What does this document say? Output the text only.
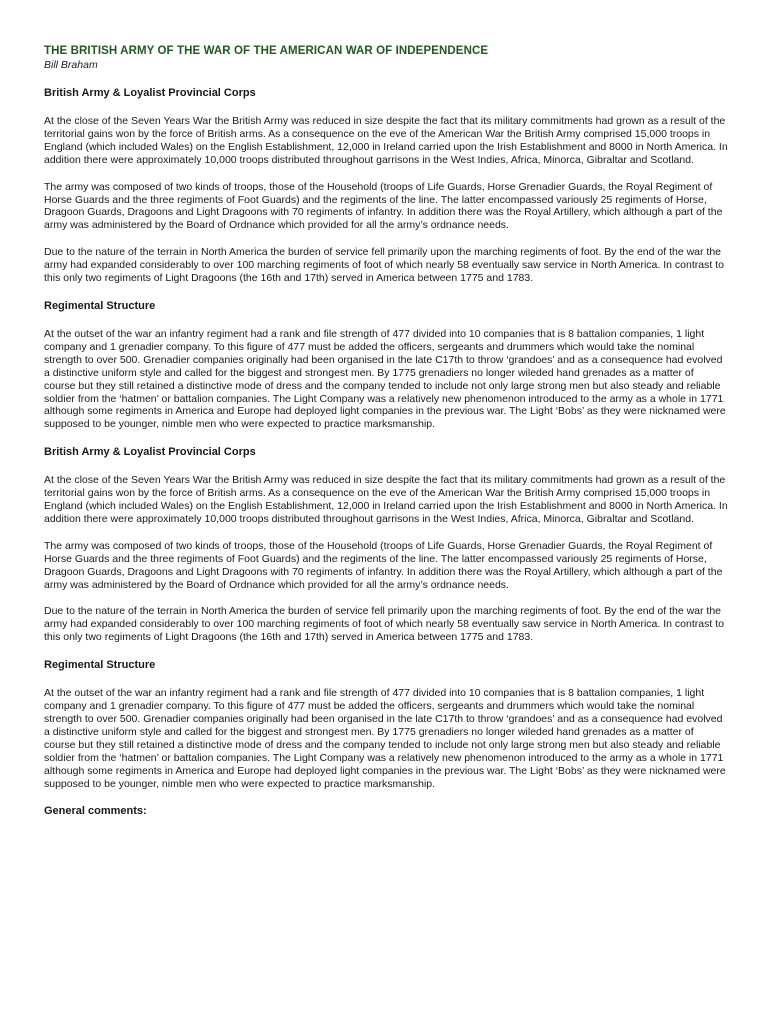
THE BRITISH ARMY OF THE WAR OF THE AMERICAN WAR OF INDEPENDENCE

Bill Braham

British Army & Loyalist Provincial Corps

At the close of the Seven Years War the British Army was reduced in size despite the fact that its military commitments had grown as a result of the territorial gains won by the force of British arms. As a consequence on the eve of the American War the British Army comprised 15,000 troops in England (which included Wales) on the English Establishment, 12,000 in Ireland carried upon the Irish Establishment and 8000 in North America. In addition there were approximately 10,000 troops distributed throughout garrisons in the West Indies, Africa, Minorca, Gibraltar and Scotland.

The army was composed of two kinds of troops, those of the Household (troops of Life Guards, Horse Grenadier Guards, the Royal Regiment of Horse Guards and the three regiments of Foot Guards) and the regiments of the line. The latter encompassed variously 25 regiments of Horse, Dragoon Guards, Dragoons and Light Dragoons with 70 regiments of infantry. In addition there was the Royal Artillery, which although a part of the army was administered by the Board of Ordnance which provided for all the army’s ordnance needs.

Due to the nature of the terrain in North America the burden of service fell primarily upon the marching regiments of foot. By the end of the war the army had expanded considerably to over 100 marching regiments of foot of which nearly 58 eventually saw service in North America. In contrast to this only two regiments of Light Dragoons (the 16th and 17th) served in America between 1775 and 1783.

Regimental Structure

At the outset of the war an infantry regiment had a rank and file strength of 477 divided into 10 companies that is 8 battalion companies, 1 light company and 1 grenadier company. To this figure of 477 must be added the officers, sergeants and drummers which would take the nominal strength to over 500. Grenadier companies originally had been organised in the late C17th to throw ‘grandoes’ and as a consequence had evolved a distinctive uniform style and called for the biggest and strongest men. By 1775 grenadiers no longer wileded hand grenades as a matter of course but they still retained a distinctive mode of dress and the company tended to include not only large strong men but also steady and reliable soldier from the ‘hatmen’ or battalion companies. The Light Company was a relatively new phenomenon introduced to the army as a whole in 1771 although some regiments in America and Europe had deployed light companies in the previous war. The Light ‘Bobs’ as they were nicknamed were supposed to be younger, nimble men who were expected to practice marksmanship.

British Army & Loyalist Provincial Corps

At the close of the Seven Years War the British Army was reduced in size despite the fact that its military commitments had grown as a result of the territorial gains won by the force of British arms. As a consequence on the eve of the American War the British Army comprised 15,000 troops in England (which included Wales) on the English Establishment, 12,000 in Ireland carried upon the Irish Establishment and 8000 in North America. In addition there were approximately 10,000 troops distributed throughout garrisons in the West Indies, Africa, Minorca, Gibraltar and Scotland.

The army was composed of two kinds of troops, those of the Household (troops of Life Guards, Horse Grenadier Guards, the Royal Regiment of Horse Guards and the three regiments of Foot Guards) and the regiments of the line. The latter encompassed variously 25 regiments of Horse, Dragoon Guards, Dragoons and Light Dragoons with 70 regiments of infantry. In addition there was the Royal Artillery, which although a part of the army was administered by the Board of Ordnance which provided for all the army’s ordnance needs.

Due to the nature of the terrain in North America the burden of service fell primarily upon the marching regiments of foot. By the end of the war the army had expanded considerably to over 100 marching regiments of foot of which nearly 58 eventually saw service in North America. In contrast to this only two regiments of Light Dragoons (the 16th and 17th) served in America between 1775 and 1783.

Regimental Structure

At the outset of the war an infantry regiment had a rank and file strength of 477 divided into 10 companies that is 8 battalion companies, 1 light company and 1 grenadier company. To this figure of 477 must be added the officers, sergeants and drummers which would take the nominal strength to over 500. Grenadier companies originally had been organised in the late C17th to throw ‘grandoes’ and as a consequence had evolved a distinctive uniform style and called for the biggest and strongest men. By 1775 grenadiers no longer wileded hand grenades as a matter of course but they still retained a distinctive mode of dress and the company tended to include not only large strong men but also steady and reliable soldier from the ‘hatmen’ or battalion companies. The Light Company was a relatively new phenomenon introduced to the army as a whole in 1771 although some regiments in America and Europe had deployed light companies in the previous war. The Light ‘Bobs’ as they were nicknamed were supposed to be younger, nimble men who were expected to practice marksmanship.

General comments:
